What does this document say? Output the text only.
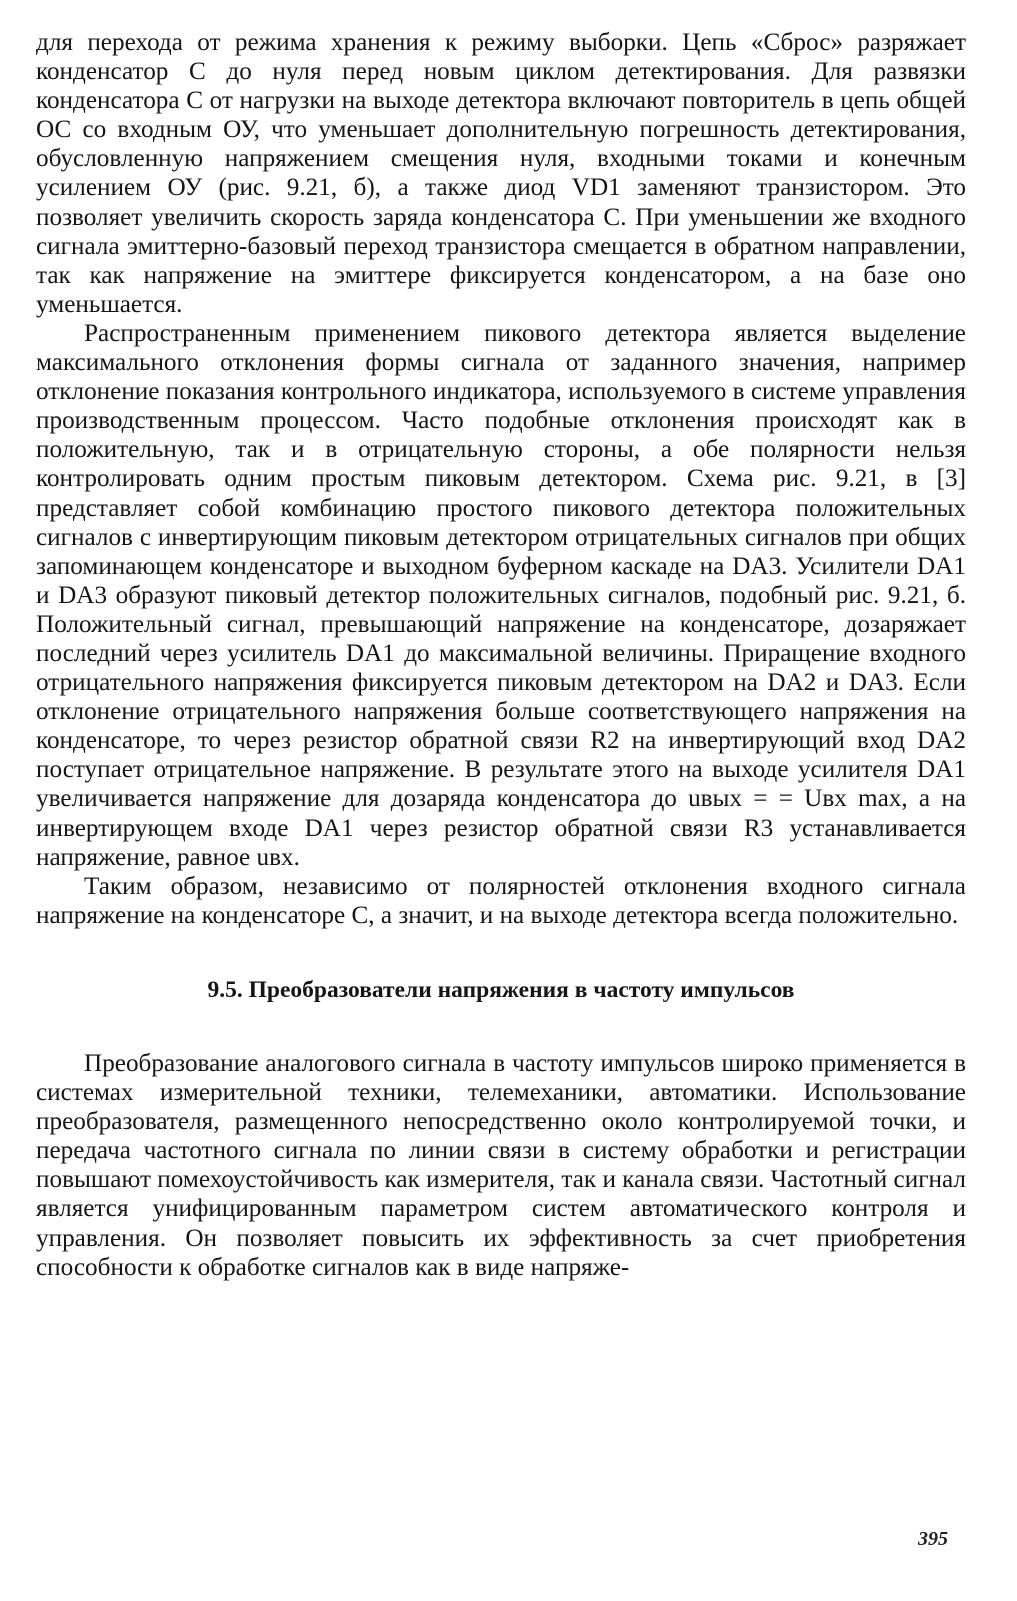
для перехода от режима хранения к режиму выборки. Цепь «Сброс» разряжает конденсатор C до нуля перед новым циклом детектирования. Для развязки конденсатора C от нагрузки на выходе детектора включают повторитель в цепь общей ОС со входным ОУ, что уменьшает дополнительную погрешность детектирования, обусловленную напряжением смещения нуля, входными токами и конечным усилением ОУ (рис. 9.21, б), а также диод VD1 заменяют транзистором. Это позволяет увеличить скорость заряда конденсатора C. При уменьшении же входного сигнала эмиттерно-базовый переход транзистора смещается в обратном направлении, так как напряжение на эмиттере фиксируется конденсатором, а на базе оно уменьшается.

Распространенным применением пикового детектора является выделение максимального отклонения формы сигнала от заданного значения, например отклонение показания контрольного индикатора, используемого в системе управления производственным процессом. Часто подобные отклонения происходят как в положительную, так и в отрицательную стороны, а обе полярности нельзя контролировать одним простым пиковым детектором. Схема рис. 9.21, в [3] представляет собой комбинацию простого пикового детектора положительных сигналов с инвертирующим пиковым детектором отрицательных сигналов при общих запоминающем конденсаторе и выходном буферном каскаде на DA3. Усилители DA1 и DA3 образуют пиковый детектор положительных сигналов, подобный рис. 9.21, б. Положительный сигнал, превышающий напряжение на конденсаторе, дозаряжает последний через усилитель DA1 до максимальной величины. Приращение входного отрицательного напряжения фиксируется пиковым детектором на DA2 и DA3. Если отклонение отрицательного напряжения больше соответствующего напряжения на конденсаторе, то через резистор обратной связи R2 на инвертирующий вход DA2 поступает отрицательное напряжение. В результате этого на выходе усилителя DA1 увеличивается напряжение для дозаряда конденсатора до uвых = = Uвх max, а на инвертирующем входе DA1 через резистор обратной связи R3 устанавливается напряжение, равное uвх.

Таким образом, независимо от полярностей отклонения входного сигнала напряжение на конденсаторе C, а значит, и на выходе детектора всегда положительно.

9.5. Преобразователи напряжения в частоту импульсов

Преобразование аналогового сигнала в частоту импульсов широко применяется в системах измерительной техники, телемеханики, автоматики. Использование преобразователя, размещенного непосредственно около контролируемой точки, и передача частотного сигнала по линии связи в систему обработки и регистрации повышают помехоустойчивость как измерителя, так и канала связи. Частотный сигнал является унифицированным параметром систем автоматического контроля и управления. Он позволяет повысить их эффективность за счет приобретения способности к обработке сигналов как в виде напряже-

395
